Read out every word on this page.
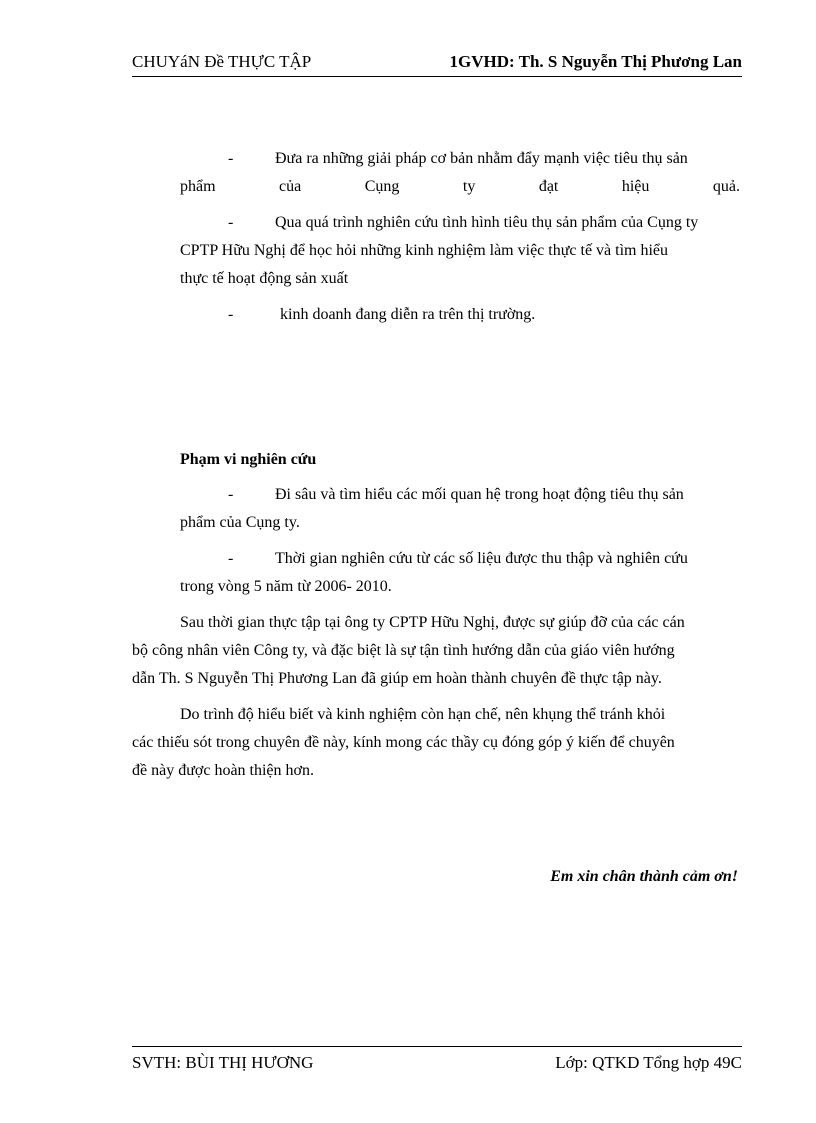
CHUYáN Đề THỰC TẬP	1GVHD: Th. S Nguyễn Thị Phương Lan
-	Đưa ra những giải pháp cơ bản nhằm đẩy mạnh việc tiêu thụ sản
phẩm	của	Cụng	ty	đạt	hiệu	quả.
-	Qua quá trình nghiên cứu tình hình tiêu thụ sản phẩm của Cụng ty
CPTP Hữu Nghị để học hỏi những kinh nghiệm làm việc thực tế và tìm hiểu
thực tế hoạt động sản xuất
-	kinh doanh đang diễn ra trên thị trường.
Phạm vi nghiên cứu
-	Đi sâu và tìm hiểu các mối quan hệ trong hoạt động tiêu thụ sản
phẩm của Cụng ty.
-	Thời gian nghiên cứu từ các số liệu được thu thập và nghiên cứu
trong vòng 5 năm từ 2006- 2010.
Sau thời gian thực tập tại ông ty CPTP Hữu Nghị, được sự giúp đỡ của các cán
bộ công nhân viên Công ty, và đặc biệt là sự tận tình hướng dẫn của giáo viên hướng
dẫn Th. S Nguyễn Thị Phương Lan đã giúp em hoàn thành chuyên đề thực tập này.
Do trình độ hiểu biết và kinh nghiệm còn hạn chế, nên khụng thể tránh khỏi
các thiếu sót trong chuyên đề này, kính mong các thầy cụ đóng góp ý kiến để chuyên
đề này được hoàn thiện hơn.
Em xin chân thành cảm ơn!
SVTH: BÙI THỊ HƯƠNG	Lớp: QTKD Tổng hợp 49C
